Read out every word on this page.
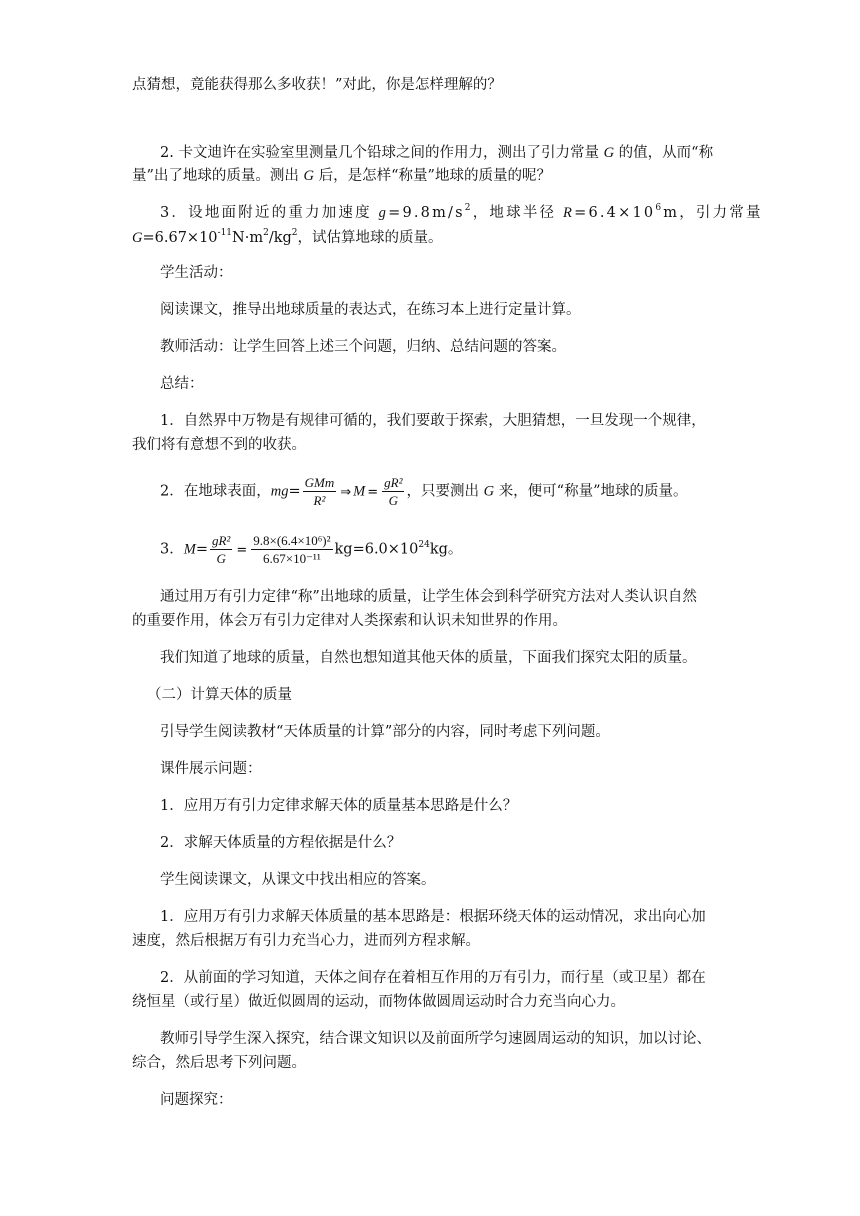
点猜想，竟能获得那么多收获！”对此，你是怎样理解的？
2. 卡文迪许在实验室里测量几个铅球之间的作用力，测出了引力常量 G 的值，从而“称
量”出了地球的质量。测出 G 后，是怎样“称量”地球的质量的呢？
3．设地面附近的重力加速度 $g=9.8m/s^2$，地球半径 $R=6.4\times 10^6m$，引力常量
$G=6.67\times 10^{-11}N\cdot m^2/kg^2$，试估算地球的质量。
学生活动：
阅读课文，推导出地球质量的表达式，在练习本上进行定量计算。
教师活动：让学生回答上述三个问题，归纳、总结问题的答案。
总结：
1．自然界中万物是有规律可循的，我们要敢于探索，大胆猜想，一旦发现一个规律，
我们将有意想不到的收获。
2．在地球表面，$mg= \frac{\text{GMm}}{\text{R²}}$ ⇒ $M = \frac{\text{gR²}}{G}$ ，只要测出 G 来，便可“称量”地球的质量。
3．$M= \frac{\text{gR²}}{G} = \frac{\text{9.8×(6.4×10⁶)²}}{\text{6.67×10⁻¹¹}} kg=6.0\times 10^{24}kg$。
通过用万有引力定律“称”出地球的质量，让学生体会到科学研究方法对人类认识自然
的重要作用，体会万有引力定律对人类探索和认识未知世界的作用。
我们知道了地球的质量，自然也想知道其他天体的质量，下面我们探究太阳的质量。
（二）计算天体的质量
引导学生阅读教材“天体质量的计算”部分的内容，同时考虑下列问题。
课件展示问题：
1．应用万有引力定律求解天体的质量基本思路是什么？
2．求解天体质量的方程依据是什么？
学生阅读课文，从课文中找出相应的答案。
1．应用万有引力求解天体质量的基本思路是：根据环绕天体的运动情况，求出向心加
速度，然后根据万有引力充当心力，进而列方程求解。
2．从前面的学习知道，天体之间存在着相互作用的万有引力，而行星（或卫星）都在
绕恒星（或行星）做近似圆周的运动，而物体做圆周运动时合力充当向心力。
教师引导学生深入探究，结合课文知识以及前面所学匀速圆周运动的知识，加以讨论、
综合，然后思考下列问题。
问题探究：
